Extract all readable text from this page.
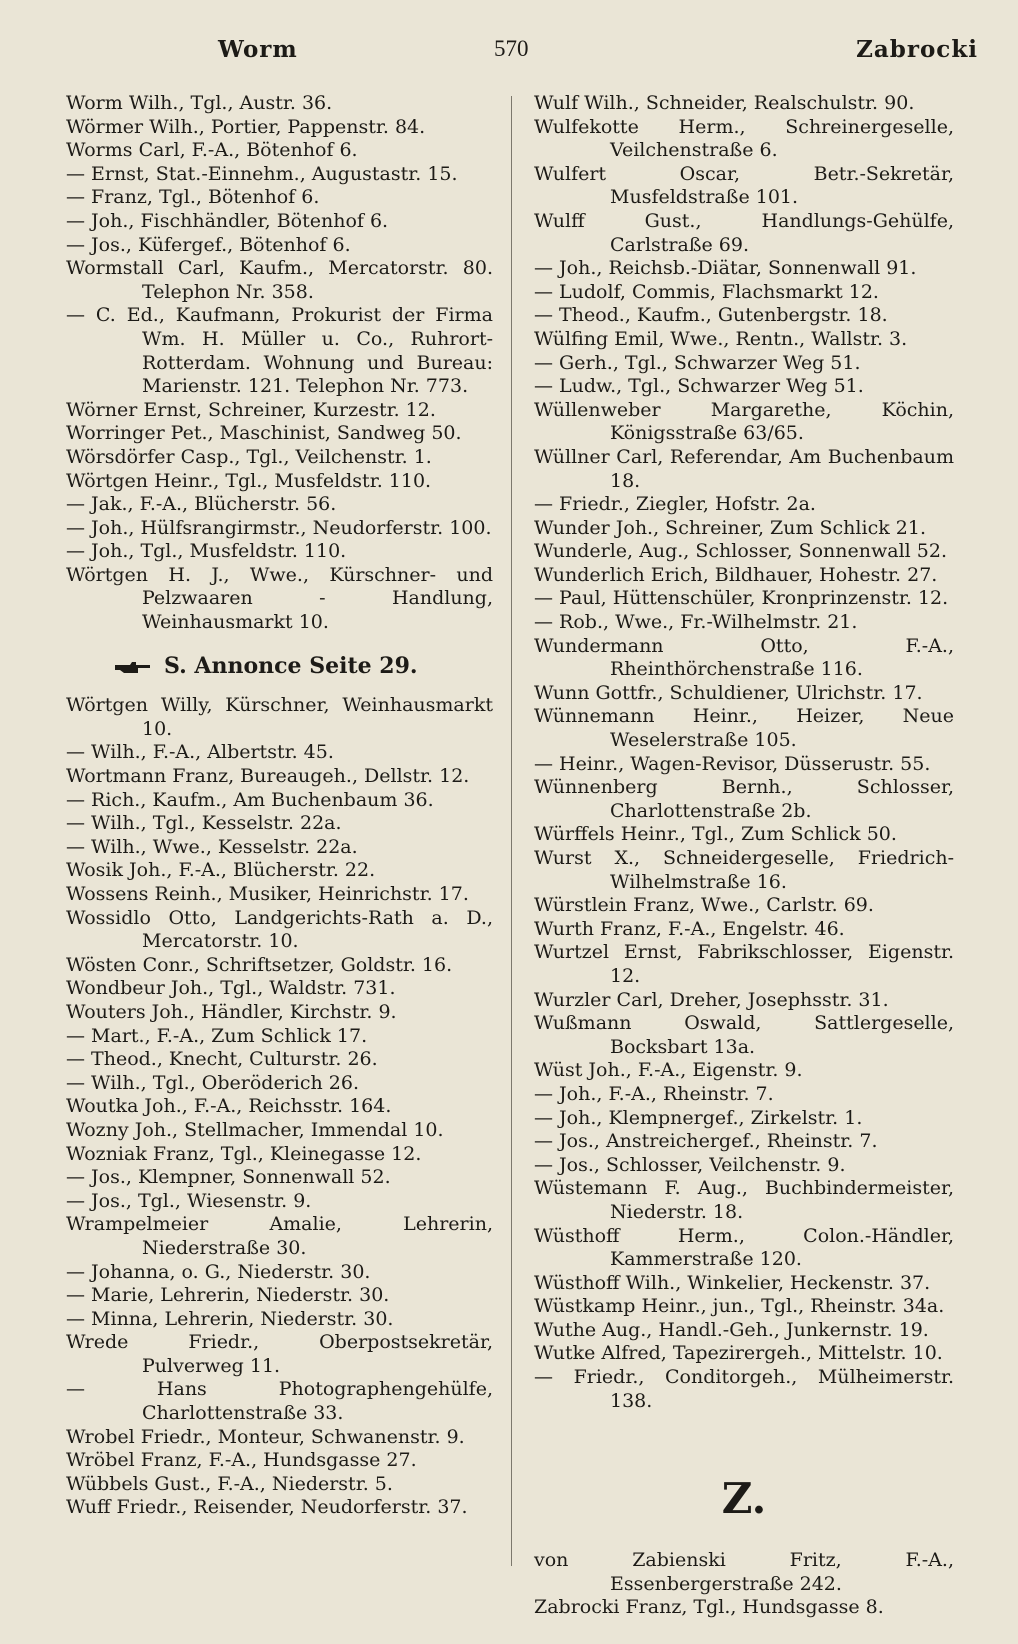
Worm	570	Zabrocki

Worm Wilh., Tgl., Austr. 36.

Wörmer Wilh., Portier, Pappenstr. 84.

Worms Carl, F.-A., Bötenhof 6.

— Ernst, Stat.-Einnehm., Augustastr. 15.

— Franz, Tgl., Bötenhof 6.

— Joh., Fischhändler, Bötenhof 6.

— Jos., Küfergef., Bötenhof 6.

Wormstall Carl, Kaufm., Mercatorstr. 80. Telephon Nr. 358.

— C. Ed., Kaufmann, Prokurist der Firma Wm. H. Müller u. Co., Ruhrort-Rotterdam. Wohnung und Bureau: Marienstr. 121. Telephon Nr. 773.

Wörner Ernst, Schreiner, Kurzestr. 12.

Worringer Pet., Maschinist, Sandweg 50.

Wörsdörfer Casp., Tgl., Veilchenstr. 1.

Wörtgen Heinr., Tgl., Musfeldstr. 110.

— Jak., F.-A., Blücherstr. 56.

— Joh., Hülfsrangirmstr., Neudorferstr. 100.

— Joh., Tgl., Musfeldstr. 110.

Wörtgen H. J., Wwe., Kürschner- und Pelzwaaren - Handlung, Weinhausmarkt 10.

S. Annonce Seite 29.

Wörtgen Willy, Kürschner, Weinhausmarkt 10.

— Wilh., F.-A., Albertstr. 45.

Wortmann Franz, Bureaugeh., Dellstr. 12.

— Rich., Kaufm., Am Buchenbaum 36.

— Wilh., Tgl., Kesselstr. 22a.

— Wilh., Wwe., Kesselstr. 22a.

Wosik Joh., F.-A., Blücherstr. 22.

Wossens Reinh., Musiker, Heinrichstr. 17.

Wossidlo Otto, Landgerichts-Rath a. D., Mercatorstr. 10.

Wösten Conr., Schriftsetzer, Goldstr. 16.

Wondbeur Joh., Tgl., Waldstr. 731.

Wouters Joh., Händler, Kirchstr. 9.

— Mart., F.-A., Zum Schlick 17.

— Theod., Knecht, Culturstr. 26.

— Wilh., Tgl., Oberöderich 26.

Woutka Joh., F.-A., Reichsstr. 164.

Wozny Joh., Stellmacher, Immendal 10.

Wozniak Franz, Tgl., Kleinegasse 12.

— Jos., Klempner, Sonnenwall 52.

— Jos., Tgl., Wiesenstr. 9.

Wrampelmeier Amalie, Lehrerin, Niederstraße 30.

— Johanna, o. G., Niederstr. 30.

— Marie, Lehrerin, Niederstr. 30.

— Minna, Lehrerin, Niederstr. 30.

Wrede Friedr., Oberpostsekretär, Pulverweg 11.

— Hans Photographengehülfe, Charlottenstraße 33.

Wrobel Friedr., Monteur, Schwanenstr. 9.

Wröbel Franz, F.-A., Hundsgasse 27.

Wübbels Gust., F.-A., Niederstr. 5.

Wuff Friedr., Reisender, Neudorferstr. 37.

Wulf Wilh., Schneider, Realschulstr. 90.

Wulfekotte Herm., Schreinergeselle, Veilchenstraße 6.

Wulfert Oscar, Betr.-Sekretär, Musfeldstraße 101.

Wulff Gust., Handlungs-Gehülfe, Carlstraße 69.

— Joh., Reichsb.-Diätar, Sonnenwall 91.

— Ludolf, Commis, Flachsmarkt 12.

— Theod., Kaufm., Gutenbergstr. 18.

Wülfing Emil, Wwe., Rentn., Wallstr. 3.

— Gerh., Tgl., Schwarzer Weg 51.

— Ludw., Tgl., Schwarzer Weg 51.

Wüllenweber Margarethe, Köchin, Königsstraße 63/65.

Wüllner Carl, Referendar, Am Buchenbaum 18.

— Friedr., Ziegler, Hofstr. 2a.

Wunder Joh., Schreiner, Zum Schlick 21.

Wunderle, Aug., Schlosser, Sonnenwall 52.

Wunderlich Erich, Bildhauer, Hohestr. 27.

— Paul, Hüttenschüler, Kronprinzenstr. 12.

— Rob., Wwe., Fr.-Wilhelmstr. 21.

Wundermann Otto, F.-A., Rheinthörchenstraße 116.

Wunn Gottfr., Schuldiener, Ulrichstr. 17.

Wünnemann Heinr., Heizer, Neue Weselerstraße 105.

— Heinr., Wagen-Revisor, Düsserustr. 55.

Wünnenberg Bernh., Schlosser, Charlottenstraße 2b.

Würffels Heinr., Tgl., Zum Schlick 50.

Wurst X., Schneidergeselle, Friedrich-Wilhelmstraße 16.

Würstlein Franz, Wwe., Carlstr. 69.

Wurth Franz, F.-A., Engelstr. 46.

Wurtzel Ernst, Fabrikschlosser, Eigenstr. 12.

Wurzler Carl, Dreher, Josephsstr. 31.

Wußmann Oswald, Sattlergeselle, Bocksbart 13a.

Wüst Joh., F.-A., Eigenstr. 9.

— Joh., F.-A., Rheinstr. 7.

— Joh., Klempnergef., Zirkelstr. 1.

— Jos., Anstreichergef., Rheinstr. 7.

— Jos., Schlosser, Veilchenstr. 9.

Wüstemann F. Aug., Buchbindermeister, Niederstr. 18.

Wüsthoff Herm., Colon.-Händler, Kammerstraße 120.

Wüsthoff Wilh., Winkelier, Heckenstr. 37.

Wüstkamp Heinr., jun., Tgl., Rheinstr. 34a.

Wuthe Aug., Handl.-Geh., Junkernstr. 19.

Wutke Alfred, Tapezirergeh., Mittelstr. 10.

— Friedr., Conditorgeh., Mülheimerstr. 138.

Z.

von Zabienski Fritz, F.-A., Essenbergerstraße 242.

Zabrocki Franz, Tgl., Hundsgasse 8.
